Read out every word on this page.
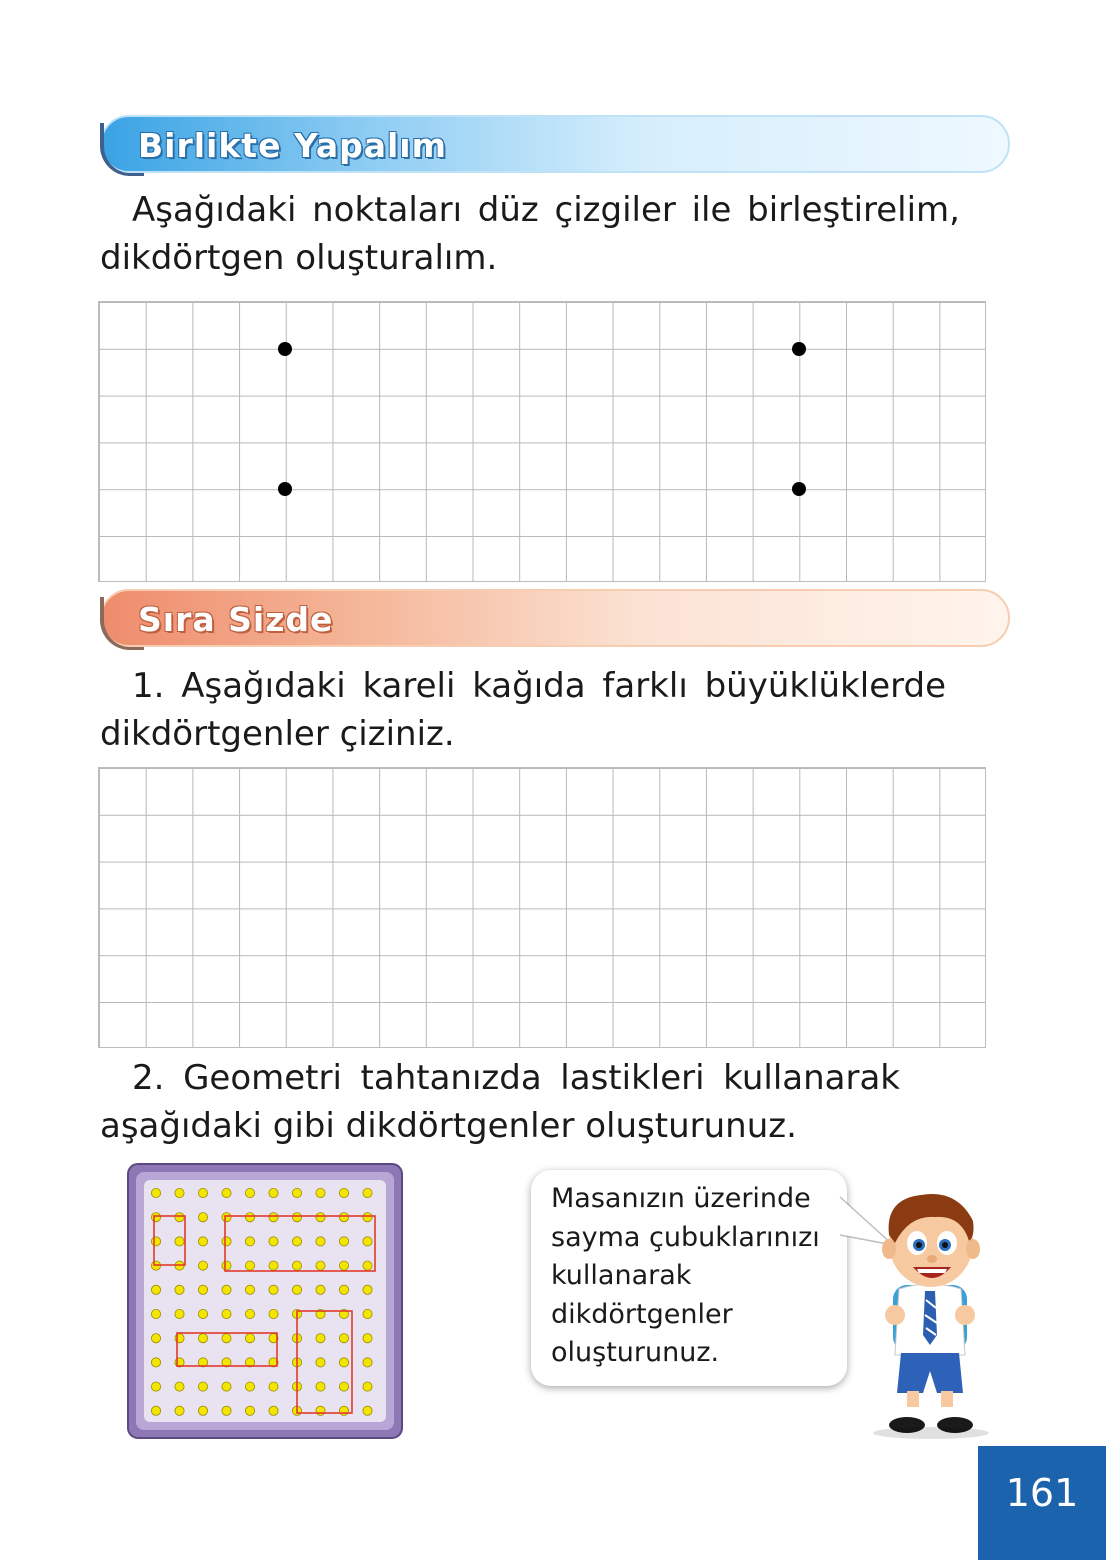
Birlikte Yapalım
Aşağıdaki noktaları düz çizgiler ile birleştirelim,
dikdörtgen oluşturalım.
Sıra Sizde
1. Aşağıdaki kareli kağıda farklı büyüklüklerde
dikdörtgenler çiziniz.
2. Geometri tahtanızda lastikleri kullanarak
aşağıdaki gibi dikdörtgenler oluşturunuz.
Masanızın üzerinde
sayma çubuklarınızı
kullanarak
dikdörtgenler
oluşturunuz.
161
